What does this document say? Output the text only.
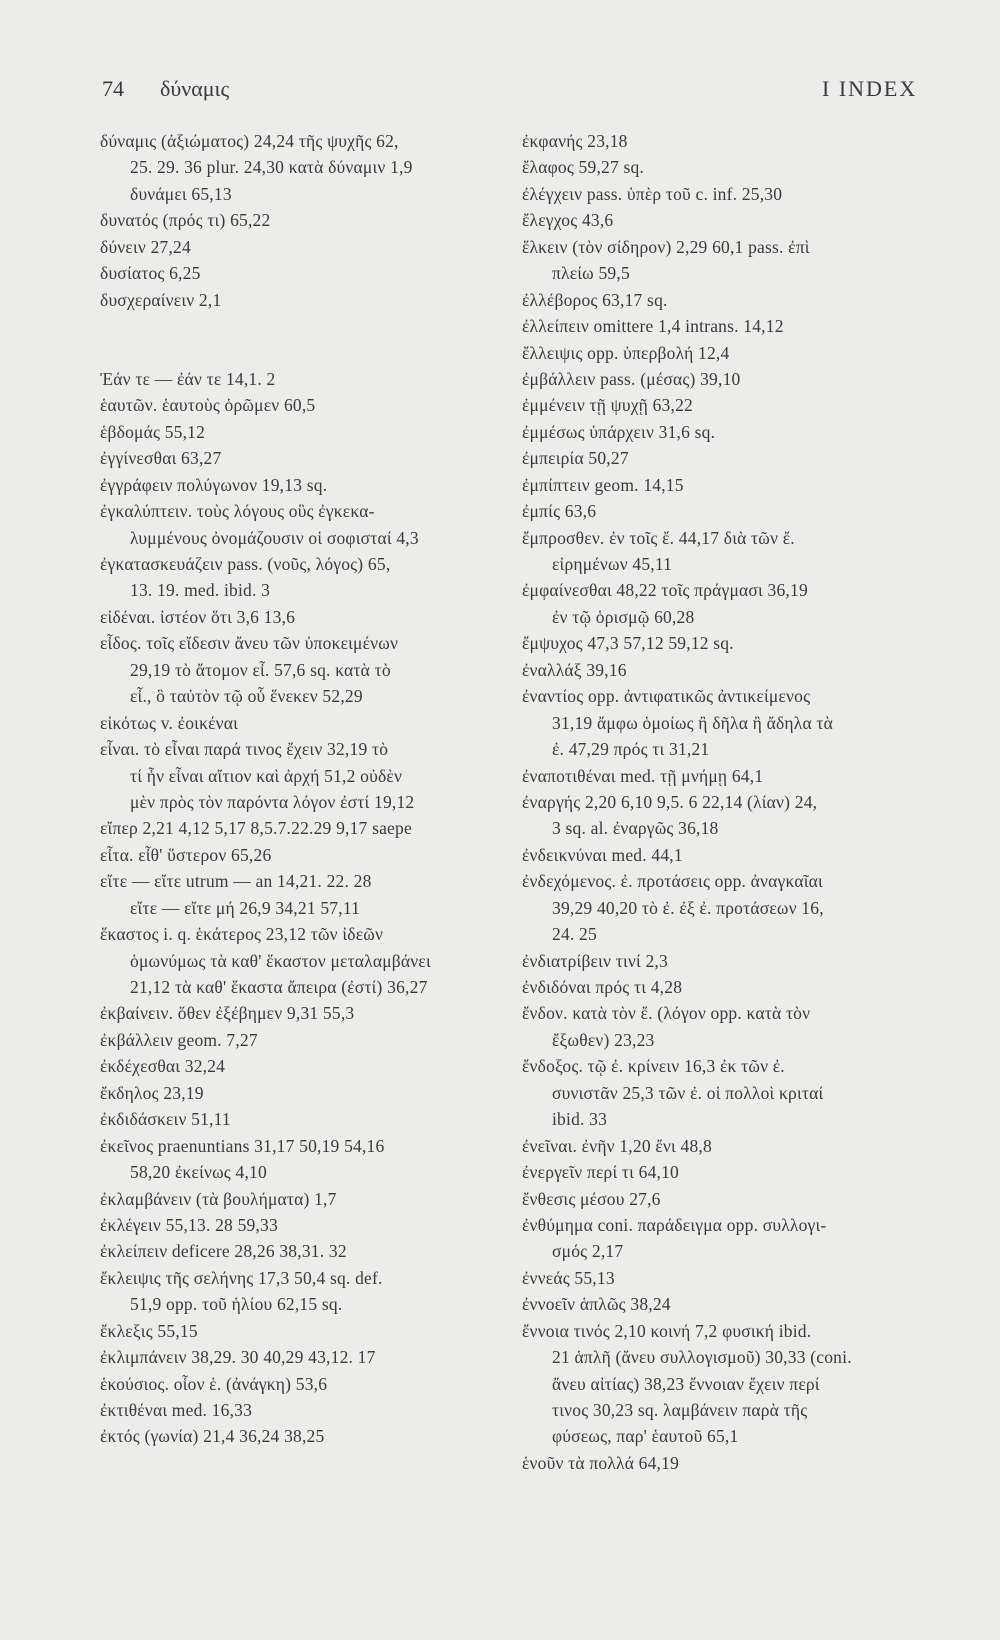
74 δύναμις	I INDEX
δύναμις (ἀξιώματος) 24,24 τῆς ψυχῆς 62,
25. 29. 36 plur. 24,30 κατὰ δύναμιν 1,9
δυνάμει 65,13
δυνατός (πρός τι) 65,22
δύνειν 27,24
δυσίατος 6,25
δυσχεραίνειν 2,1
Ἐάν τε — ἐάν τε 14,1. 2
ἑαυτῶν. ἑαυτοὺς ὁρῶμεν 60,5
ἑβδομάς 55,12
ἐγγίνεσθαι 63,27
ἐγγράφειν πολύγωνον 19,13 sq.
ἐγκαλύπτειν. τοὺς λόγους οὓς ἐγκεκα-
λυμμένους ὀνομάζουσιν οἱ σοφισταί 4,3
ἐγκατασκευάζειν pass. (νοῦς, λόγος) 65,
13. 19. med. ibid. 3
εἰδέναι. ἰστέον ὅτι 3,6 13,6
εἶδος. τοῖς εἴδεσιν ἄνευ τῶν ὑποκειμένων
29,19 τὸ ἄτομον εἶ. 57,6 sq. κατὰ τὸ
εἶ., ὃ ταὐτὸν τῷ οὗ ἕνεκεν 52,29
εἰκότως v. ἐοικέναι
εἶναι. τὸ εἶναι παρά τινος ἔχειν 32,19 τὸ
τί ἦν εἶναι αἴτιον καὶ ἀρχή 51,2 οὐδὲν
μὲν πρὸς τὸν παρόντα λόγον ἐστί 19,12
εἴπερ 2,21 4,12 5,17 8,5.7.22.29 9,17 saepe
εἶτα. εἶθ' ὕστερον 65,26
εἴτε — εἴτε utrum — an 14,21. 22. 28
εἴτε — εἴτε μή 26,9 34,21 57,11
ἕκαστος i. q. ἑκάτερος 23,12 τῶν ἰδεῶν
ὁμωνύμως τὰ καθ' ἕκαστον μεταλαμβάνει
21,12 τὰ καθ' ἕκαστα ἄπειρα (ἐστί) 36,27
ἐκβαίνειν. ὅθεν ἐξέβημεν 9,31 55,3
ἐκβάλλειν geom. 7,27
ἐκδέχεσθαι 32,24
ἔκδηλος 23,19
ἐκδιδάσκειν 51,11
ἐκεῖνος praenuntians 31,17 50,19 54,16
58,20 ἐκείνως 4,10
ἐκλαμβάνειν (τὰ βουλήματα) 1,7
ἐκλέγειν 55,13. 28 59,33
ἐκλείπειν deficere 28,26 38,31. 32
ἔκλειψις τῆς σελήνης 17,3 50,4 sq. def.
51,9 opp. τοῦ ἡλίου 62,15 sq.
ἔκλεξις 55,15
ἐκλιμπάνειν 38,29. 30 40,29 43,12. 17
ἑκούσιος. οἷον ἑ. (ἀνάγκη) 53,6
ἐκτιθέναι med. 16,33
ἐκτός (γωνία) 21,4 36,24 38,25
ἐκφανής 23,18
ἔλαφος 59,27 sq.
ἐλέγχειν pass. ὑπὲρ τοῦ c. inf. 25,30
ἔλεγχος 43,6
ἕλκειν (τὸν σίδηρον) 2,29 60,1 pass. ἐπὶ
πλείω 59,5
ἐλλέβορος 63,17 sq.
ἐλλείπειν omittere 1,4 intrans. 14,12
ἔλλειψις opp. ὑπερβολή 12,4
ἐμβάλλειν pass. (μέσας) 39,10
ἐμμένειν τῇ ψυχῇ 63,22
ἐμμέσως ὑπάρχειν 31,6 sq.
ἐμπειρία 50,27
ἐμπίπτειν geom. 14,15
ἐμπίς 63,6
ἔμπροσθεν. ἐν τοῖς ἔ. 44,17 διὰ τῶν ἔ.
εἰρημένων 45,11
ἐμφαίνεσθαι 48,22 τοῖς πράγμασι 36,19
ἐν τῷ ὁρισμῷ 60,28
ἔμψυχος 47,3 57,12 59,12 sq.
ἐναλλάξ 39,16
ἐναντίος opp. ἀντιφατικῶς ἀντικείμενος
31,19 ἄμφω ὁμοίως ἢ δῆλα ἢ ἄδηλα τὰ
ἐ. 47,29 πρός τι 31,21
ἐναποτιθέναι med. τῇ μνήμῃ 64,1
ἐναργής 2,20 6,10 9,5. 6 22,14 (λίαν) 24,
3 sq. al. ἐναργῶς 36,18
ἐνδεικνύναι med. 44,1
ἐνδεχόμενος. ἐ. προτάσεις opp. ἀναγκαῖαι
39,29 40,20 τὸ ἐ. ἐξ ἐ. προτάσεων 16,
24. 25
ἐνδιατρίβειν τινί 2,3
ἐνδιδόναι πρός τι 4,28
ἔνδον. κατὰ τὸν ἔ. (λόγον opp. κατὰ τὸν
ἔξωθεν) 23,23
ἔνδοξος. τῷ ἐ. κρίνειν 16,3 ἐκ τῶν ἐ.
συνιστᾶν 25,3 τῶν ἐ. οἱ πολλοὶ κριταί
ibid. 33
ἐνεῖναι. ἐνῆν 1,20 ἔνι 48,8
ἐνεργεῖν περί τι 64,10
ἔνθεσις μέσου 27,6
ἐνθύμημα coni. παράδειγμα opp. συλλογι-
σμός 2,17
ἐννεάς 55,13
ἐννοεῖν ἁπλῶς 38,24
ἔννοια τινός 2,10 κοινή 7,2 φυσική ibid.
21 ἁπλῆ (ἄνευ συλλογισμοῦ) 30,33 (coni.
ἄνευ αἰτίας) 38,23 ἔννοιαν ἔχειν περί
τινος 30,23 sq. λαμβάνειν παρὰ τῆς
φύσεως, παρ' ἑαυτοῦ 65,1
ἑνοῦν τὰ πολλά 64,19
